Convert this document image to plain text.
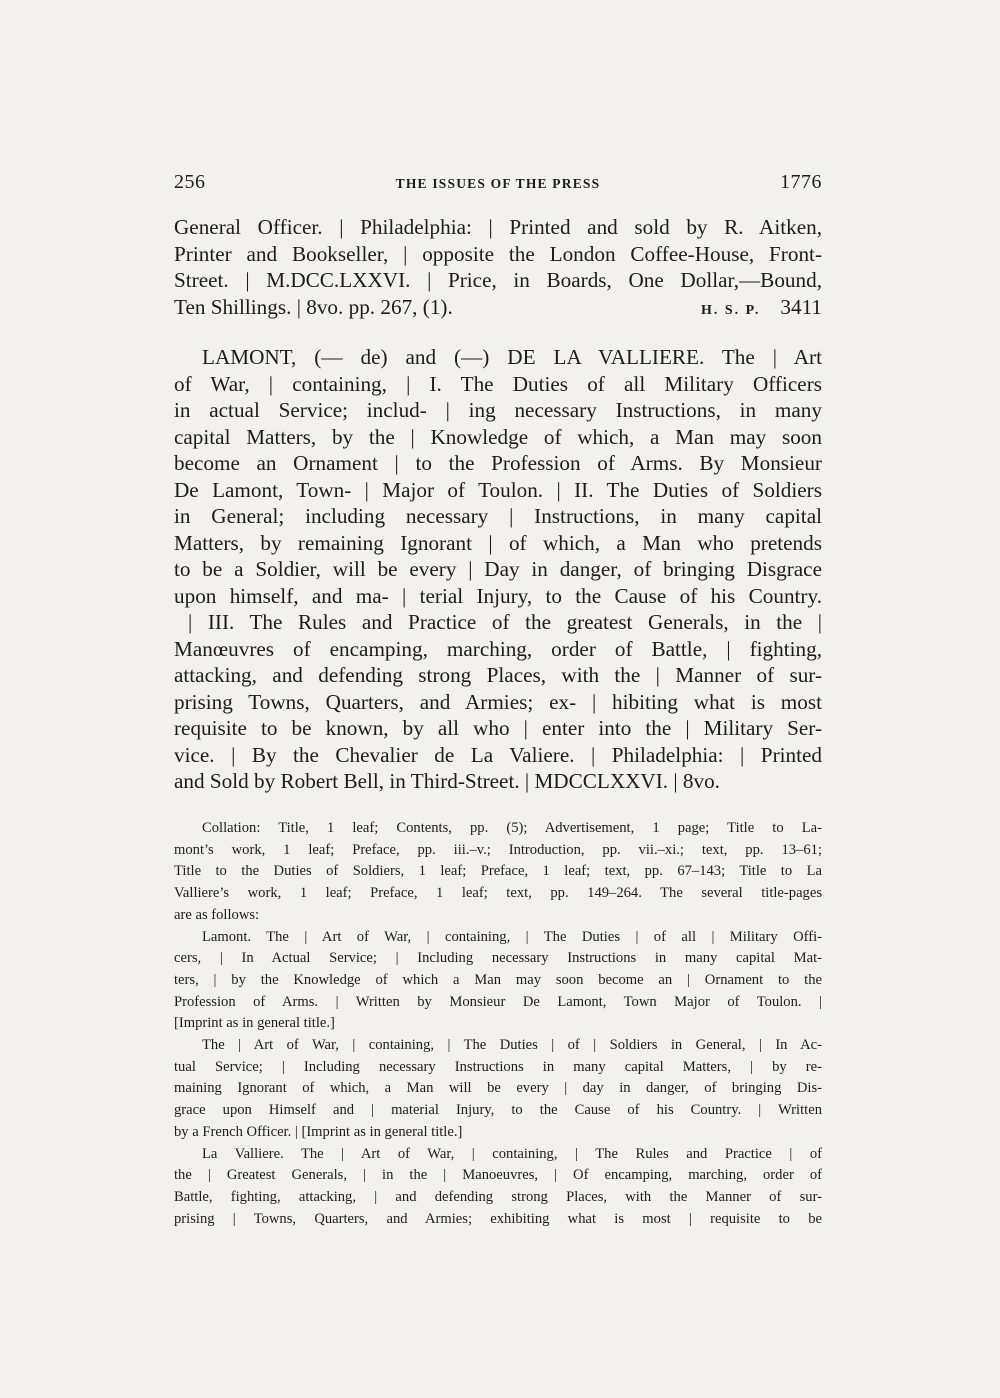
256	THE ISSUES OF THE PRESS	1776
General Officer. | Philadelphia: | Printed and sold by R. Aitken,
Printer and Bookseller, | opposite the London Coffee-House, Front-
Street. | M.DCC.LXXVI. | Price, in Boards, One Dollar,—Bound,
Ten Shillings. | 8vo. pp. 267, (1).	H. S. P. 3411
LAMONT, (— de) and (—) DE LA VALLIERE. The | Art
of War, | containing, | I. The Duties of all Military Officers
in actual Service; includ- | ing necessary Instructions, in many
capital Matters, by the | Knowledge of which, a Man may soon
become an Ornament | to the Profession of Arms. By Monsieur
De Lamont, Town- | Major of Toulon. | II. The Duties of Soldiers
in General; including necessary | Instructions, in many capital
Matters, by remaining Ignorant | of which, a Man who pretends
to be a Soldier, will be every | Day in danger, of bringing Disgrace
upon himself, and ma- | terial Injury, to the Cause of his Country.
| III. The Rules and Practice of the greatest Generals, in the |
Manœuvres of encamping, marching, order of Battle, | fighting,
attacking, and defending strong Places, with the | Manner of sur-
prising Towns, Quarters, and Armies; ex- | hibiting what is most
requisite to be known, by all who | enter into the | Military Ser-
vice. | By the Chevalier de La Valiere. | Philadelphia: | Printed
and Sold by Robert Bell, in Third-Street. | MDCCLXXVI. | 8vo.
Collation: Title, 1 leaf; Contents, pp. (5); Advertisement, 1 page; Title to La-
mont’s work, 1 leaf; Preface, pp. iii.–v.; Introduction, pp. vii.–xi.; text, pp. 13–61;
Title to the Duties of Soldiers, 1 leaf; Preface, 1 leaf; text, pp. 67–143; Title to La
Valliere’s work, 1 leaf; Preface, 1 leaf; text, pp. 149–264. The several title-pages
are as follows:
Lamont. The | Art of War, | containing, | The Duties | of all | Military Offi-
cers, | In Actual Service; | Including necessary Instructions in many capital Mat-
ters, | by the Knowledge of which a Man may soon become an | Ornament to the
Profession of Arms. | Written by Monsieur De Lamont, Town Major of Toulon. |
[Imprint as in general title.]
The | Art of War, | containing, | The Duties | of | Soldiers in General, | In Ac-
tual Service; | Including necessary Instructions in many capital Matters, | by re-
maining Ignorant of which, a Man will be every | day in danger, of bringing Dis-
grace upon Himself and | material Injury, to the Cause of his Country. | Written
by a French Officer. | [Imprint as in general title.]
La Valliere. The | Art of War, | containing, | The Rules and Practice | of
the | Greatest Generals, | in the | Manoeuvres, | Of encamping, marching, order of
Battle, fighting, attacking, | and defending strong Places, with the Manner of sur-
prising | Towns, Quarters, and Armies; exhibiting what is most | requisite to be
